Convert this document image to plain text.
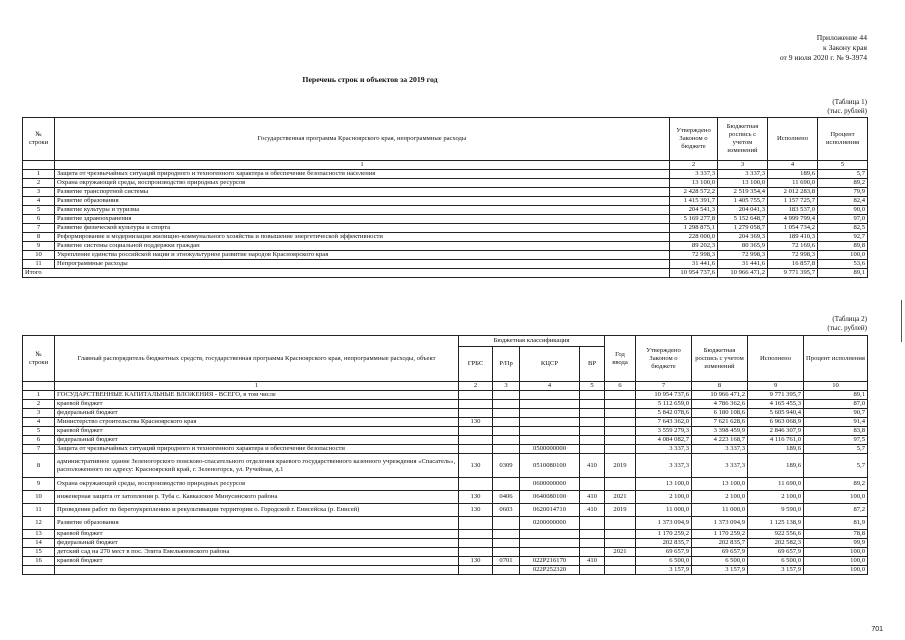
Приложение 44
к Закону края
от 9 июля 2020 г. № 9-3974
Перечень строк и объектов за 2019 год
(Таблица 1)
(тыс. рублей)
№ строки	Государственная программа Красноярского края, непрограммные расходы	Утверждено Законом о бюджете	Бюджетная роспись с учетом изменений	Исполнено	Процент исполнения
	1	2	3	4	5
1	Защита от чрезвычайных ситуаций природного и техногенного характера и обеспечение безопасности населения	3 337,3	3 337,3	189,6	5,7
2	Охрана окружающей среды, воспроизводство природных ресурсов	13 100,0	13 100,0	11 690,0	89,2
3	Развитие транспортной системы	2 428 572,2	2 519 354,4	2 012 283,8	79,9
4	Развитие образования	1 415 391,7	1 405 755,7	1 157 725,7	82,4
5	Развитие культуры и туризма	204 541,3	204 041,3	183 537,0	90,0
6	Развитие здравоохранения	5 169 277,8	5 152 648,7	4 999 799,4	97,0
7	Развитие физической культуры и спорта	1 298 875,1	1 279 058,7	1 054 734,2	82,5
8	Реформирование и модернизация жилищно-коммунального хозяйства и повышение энергетической эффективности	228 000,0	204 369,3	189 410,3	92,7
9	Развитие системы социальной поддержки граждан	89 202,3	80 365,9	72 169,6	89,8
10	Укрепление единства российской нации и этнокультурное развитие народов Красноярского края	72 998,3	72 998,3	72 998,3	100,0
11	Непрограммные расходы	31 441,6	31 441,6	16 857,8	53,6
Итого		10 954 737,6	10 966 471,2	9 771 395,7	89,1
(Таблица 2)
(тыс. рублей)
№ строки	Главный распорядитель бюджетных средств, государственная программа Красноярского края, непрограммные расходы, объект	Бюджетная классификация				Год ввода	Утверждено Законом о бюджете	Бюджетная роспись с учетом изменений	Исполнено	Процент исполнения
		ГРБС	Р/Пр	КЦСР	ВР					
	1	2	3	4	5	6	7	8	9	10
1	ГОСУДАРСТВЕННЫЕ КАПИТАЛЬНЫЕ ВЛОЖЕНИЯ - ВСЕГО, в том числе						10 954 737,6	10 966 471,2	9 771 395,7	89,1
2	краевой бюджет						5 112 659,0	4 786 362,6	4 165 455,3	87,0
3	федеральный бюджет						5 842 078,6	6 180 108,6	5 605 940,4	90,7
4	Министерство строительства Красноярского края	130					7 643 362,0	7 621 628,6	6 963 068,9	91,4
5	краевой бюджет						3 559 279,3	3 398 459,9	2 846 307,9	83,8
6	федеральный бюджет						4 084 082,7	4 223 168,7	4 116 761,0	97,5
7	Защита от чрезвычайных ситуаций природного и техногенного характера и обеспечение безопасности			0500000000			3 337,3	3 337,3	189,6	5,7
8	административное здание Зеленогорского поисково-спасательного отделения краевого государственного казенного учреждения «Спасатель», расположенного по адресу: Красноярский край, г. Зеленогорск, ул. Ручейная, д.1	130	0309	0510080100	410	2019	3 337,3	3 337,3	189,6	5,7
9	Охрана окружающей среды, воспроизводство природных ресурсов			0600000000			13 100,0	13 100,0	11 690,0	89,2
10	инженерная защита от затопления р. Туба с. Кавказское Минусинского района	130	0406	0640080100	410	2021	2 100,0	2 100,0	2 100,0	100,0
11	Проведение работ по берегоукреплению и рекультивации территории о. Городской г. Енисейска (р. Енисей)	130	0603	0620014710	410	2019	11 000,0	11 000,0	9 590,0	87,2
12	Развитие образования			0200000000			1 373 094,9	1 373 094,9	1 125 138,9	81,9
13	краевой бюджет						1 170 259,2	1 170 259,2	922 556,6	78,8
14	федеральный бюджет						202 835,7	202 835,7	202 582,3	99,9
15	детский сад на 270 мест в пос. Элита Емельяновского района					2021	69 657,9	69 657,9	69 657,9	100,0
16	краевой бюджет	130	0701	022P216170	410		6 500,0	6 500,0	6 500,0	100,0
				022P252320			3 157,9	3 157,9	3 157,9	100,0
701
